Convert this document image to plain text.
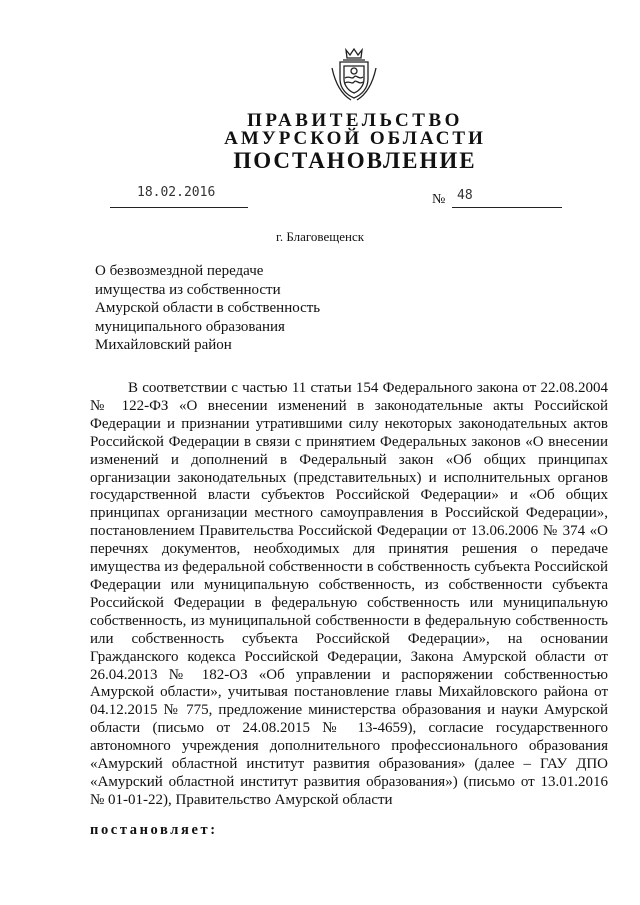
ПРАВИТЕЛЬСТВО
АМУРСКОЙ ОБЛАСТИ
ПОСТАНОВЛЕНИЕ
18.02.2016	№ 48
г. Благовещенск
О безвозмездной передаче
имущества из собственности
Амурской области в собственность
муниципального образования
Михайловский район
В соответствии с частью 11 статьи 154 Федерального закона от 22.08.2004 № 122-ФЗ «О внесении изменений в законодательные акты Российской Федерации и признании утратившими силу некоторых законодательных актов Российской Федерации в связи с принятием Федеральных законов «О внесении изменений и дополнений в Федеральный закон «Об общих принципах организации законодательных (представительных) и исполнительных органов государственной власти субъектов Российской Федерации» и «Об общих принципах организации местного самоуправления в Российской Федерации», постановлением Правительства Российской Федерации от 13.06.2006 № 374 «О перечнях документов, необходимых для принятия решения о передаче имущества из федеральной собственности в собственность субъекта Российской Федерации или муниципальную собственность, из собственности субъекта Российской Федерации в федеральную собственность или муниципальную собственность, из муниципальной собственности в федеральную собственность или собственность субъекта Российской Федерации», на основании Гражданского кодекса Российской Федерации, Закона Амурской области от 26.04.2013 № 182-ОЗ «Об управлении и распоряжении собственностью Амурской области», учитывая постановление главы Михайловского района от 04.12.2015 № 775, предложение министерства образования и науки Амурской области (письмо от 24.08.2015 № 13-4659), согласие государственного автономного учреждения дополнительного профессионального образования «Амурский областной институт развития образования» (далее – ГАУ ДПО «Амурский областной институт развития образования») (письмо от 13.01.2016 № 01-01-22), Правительство Амурской области
постановляет:
